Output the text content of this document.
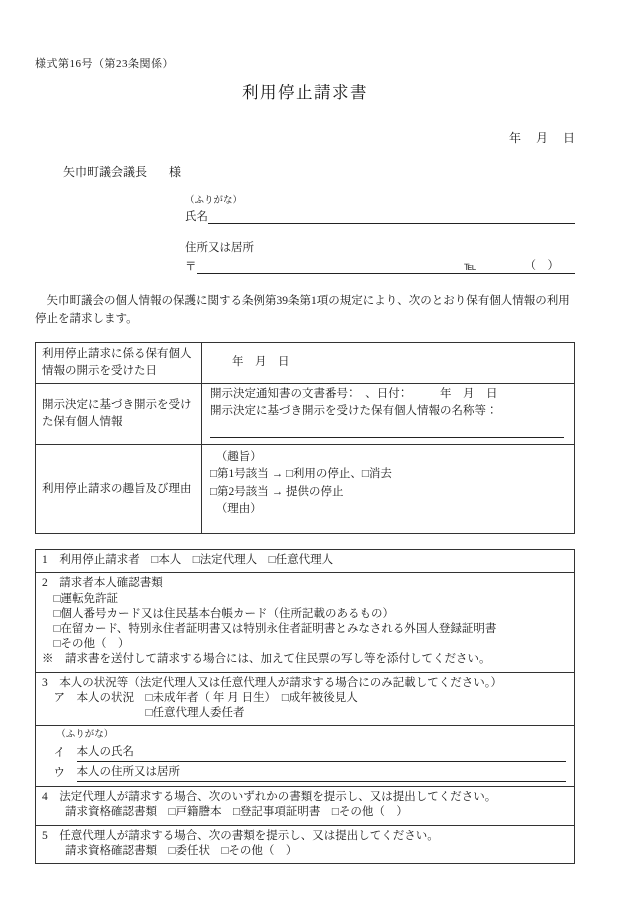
様式第16号（第23条関係）
利用停止請求書
年　 月　 日
矢巾町議会議長 様
（ふりがな）
氏名
住所又は居所
〒	℡	（　）

　矢巾町議会の個人情報の保護に関する条例第39条第1項の規定により、次のとおり保有個人情報の利用停止を請求します。

利用停止請求に係る保有個人情報の開示を受けた日	年　月　日

開示決定に基づき開示を受けた保有個人情報	開示決定通知書の文書番号：　、日付：　　　年　月　日
開示決定に基づき開示を受けた保有個人情報の名称等：

利用停止請求の趣旨及び理由	　（趣旨）
□第1号該当 → □利用の停止、□消去
□第2号該当 → 提供の停止
　（理由）
1　利用停止請求者　□本人　□法定代理人　□任意代理人
2　請求者本人確認書類
　□運転免許証
　□個人番号カード又は住民基本台帳カード（住所記載のあるもの）
　□在留カード、特別永住者証明書又は特別永住者証明書とみなされる外国人登録証明書
　□その他（　）
※　請求書を送付して請求する場合には、加えて住民票の写し等を添付してください。
3　本人の状況等（法定代理人又は任意代理人が請求する場合にのみ記載してください。）
　ア　本人の状況　□未成年者（ 年 月 日生）　□成年被後見人
　　　　　　　　　□任意代理人委任者
　　（ふりがな）
　イ　 本人の氏名
　ウ　 本人の住所又は居所
4　法定代理人が請求する場合、次のいずれかの書類を提示し、又は提出してください。
　　請求資格確認書類　□戸籍謄本　□登記事項証明書　□その他（　）
5　任意代理人が請求する場合、次の書類を提示し、又は提出してください。
　　請求資格確認書類　□委任状　□その他（　）
